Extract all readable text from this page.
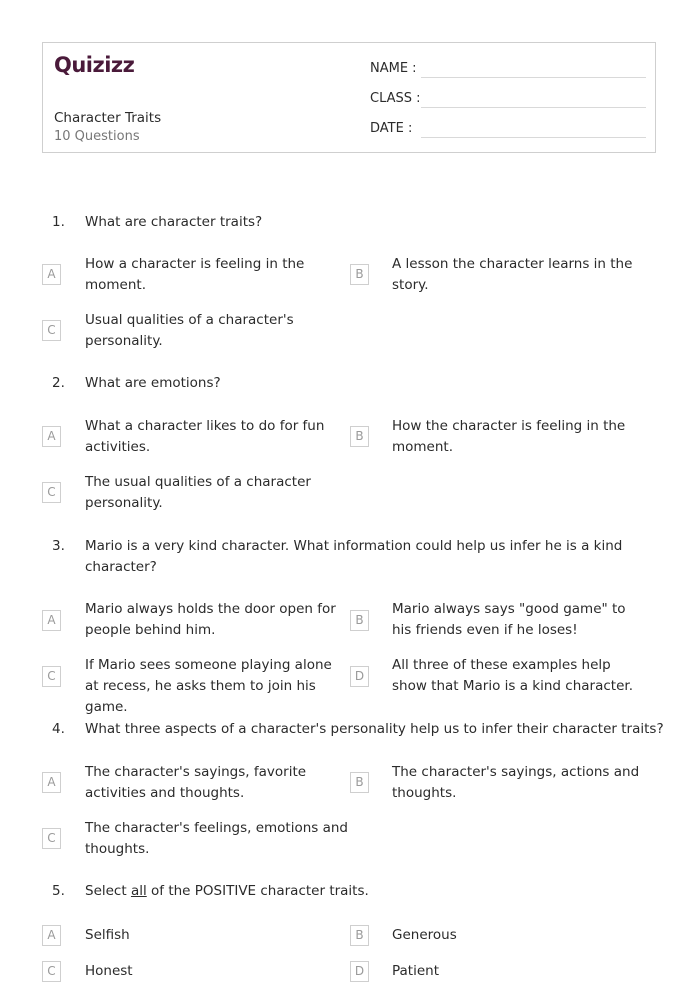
Quizizz
Character Traits
10 Questions
NAME :
CLASS :
DATE :
1. What are character traits?
A
How a character is feeling in the moment.
B
A lesson the character learns in the story.
C
Usual qualities of a character's personality.
2. What are emotions?
A
What a character likes to do for fun activities.
B
How the character is feeling in the moment.
C
The usual qualities of a character personality.
3. Mario is a very kind character. What information could help us infer he is a kind character?
A
Mario always holds the door open for people behind him.
B
Mario always says "good game" to his friends even if he loses!
C
If Mario sees someone playing alone at recess, he asks them to join his game.
D
All three of these examples help show that Mario is a kind character.
4. What three aspects of a character's personality help us to infer their character traits?
A
The character's sayings, favorite activities and thoughts.
B
The character's sayings, actions and thoughts.
C
The character's feelings, emotions and thoughts.
5. Select all of the POSITIVE character traits.
A	Selfish	B	Generous
C	Honest	D	Patient
